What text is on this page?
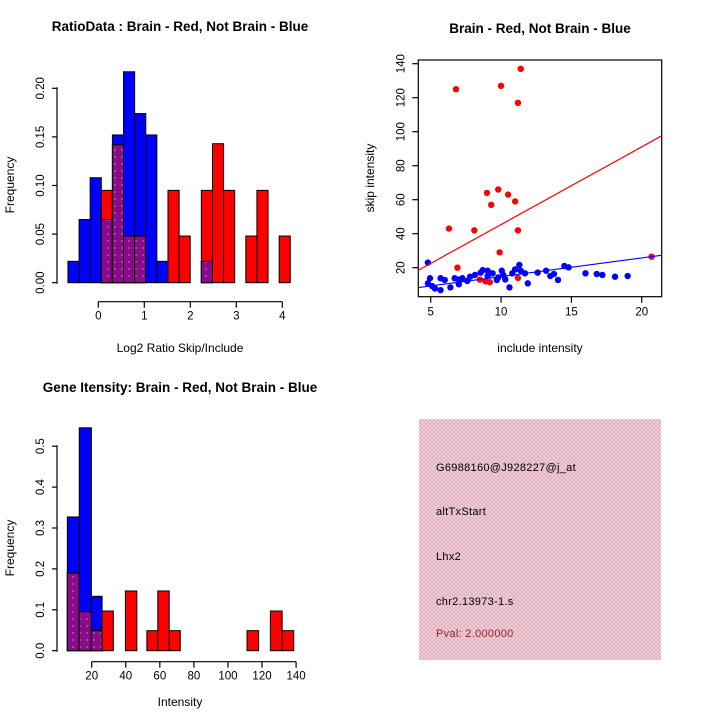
RatioData : Brain - Red, Not Brain - Blue
Log2 Ratio Skip/Include
Frequency
0.00
0.05
0.10
0.15
0.20
0	1	2	3	4
Brain - Red, Not Brain - Blue
include intensity
skip intensity
20
40
60
80
100
120
140
5	10	15	20
Gene Itensity: Brain - Red, Not Brain - Blue
Intensity
Frequency
0.0
0.1
0.2
0.3
0.4
0.5
20 40 60 80 100 120 140
G6988160@J928227@j_at
altTxStart
Lhx2
chr2.13973-1.s
Pval: 2.000000
